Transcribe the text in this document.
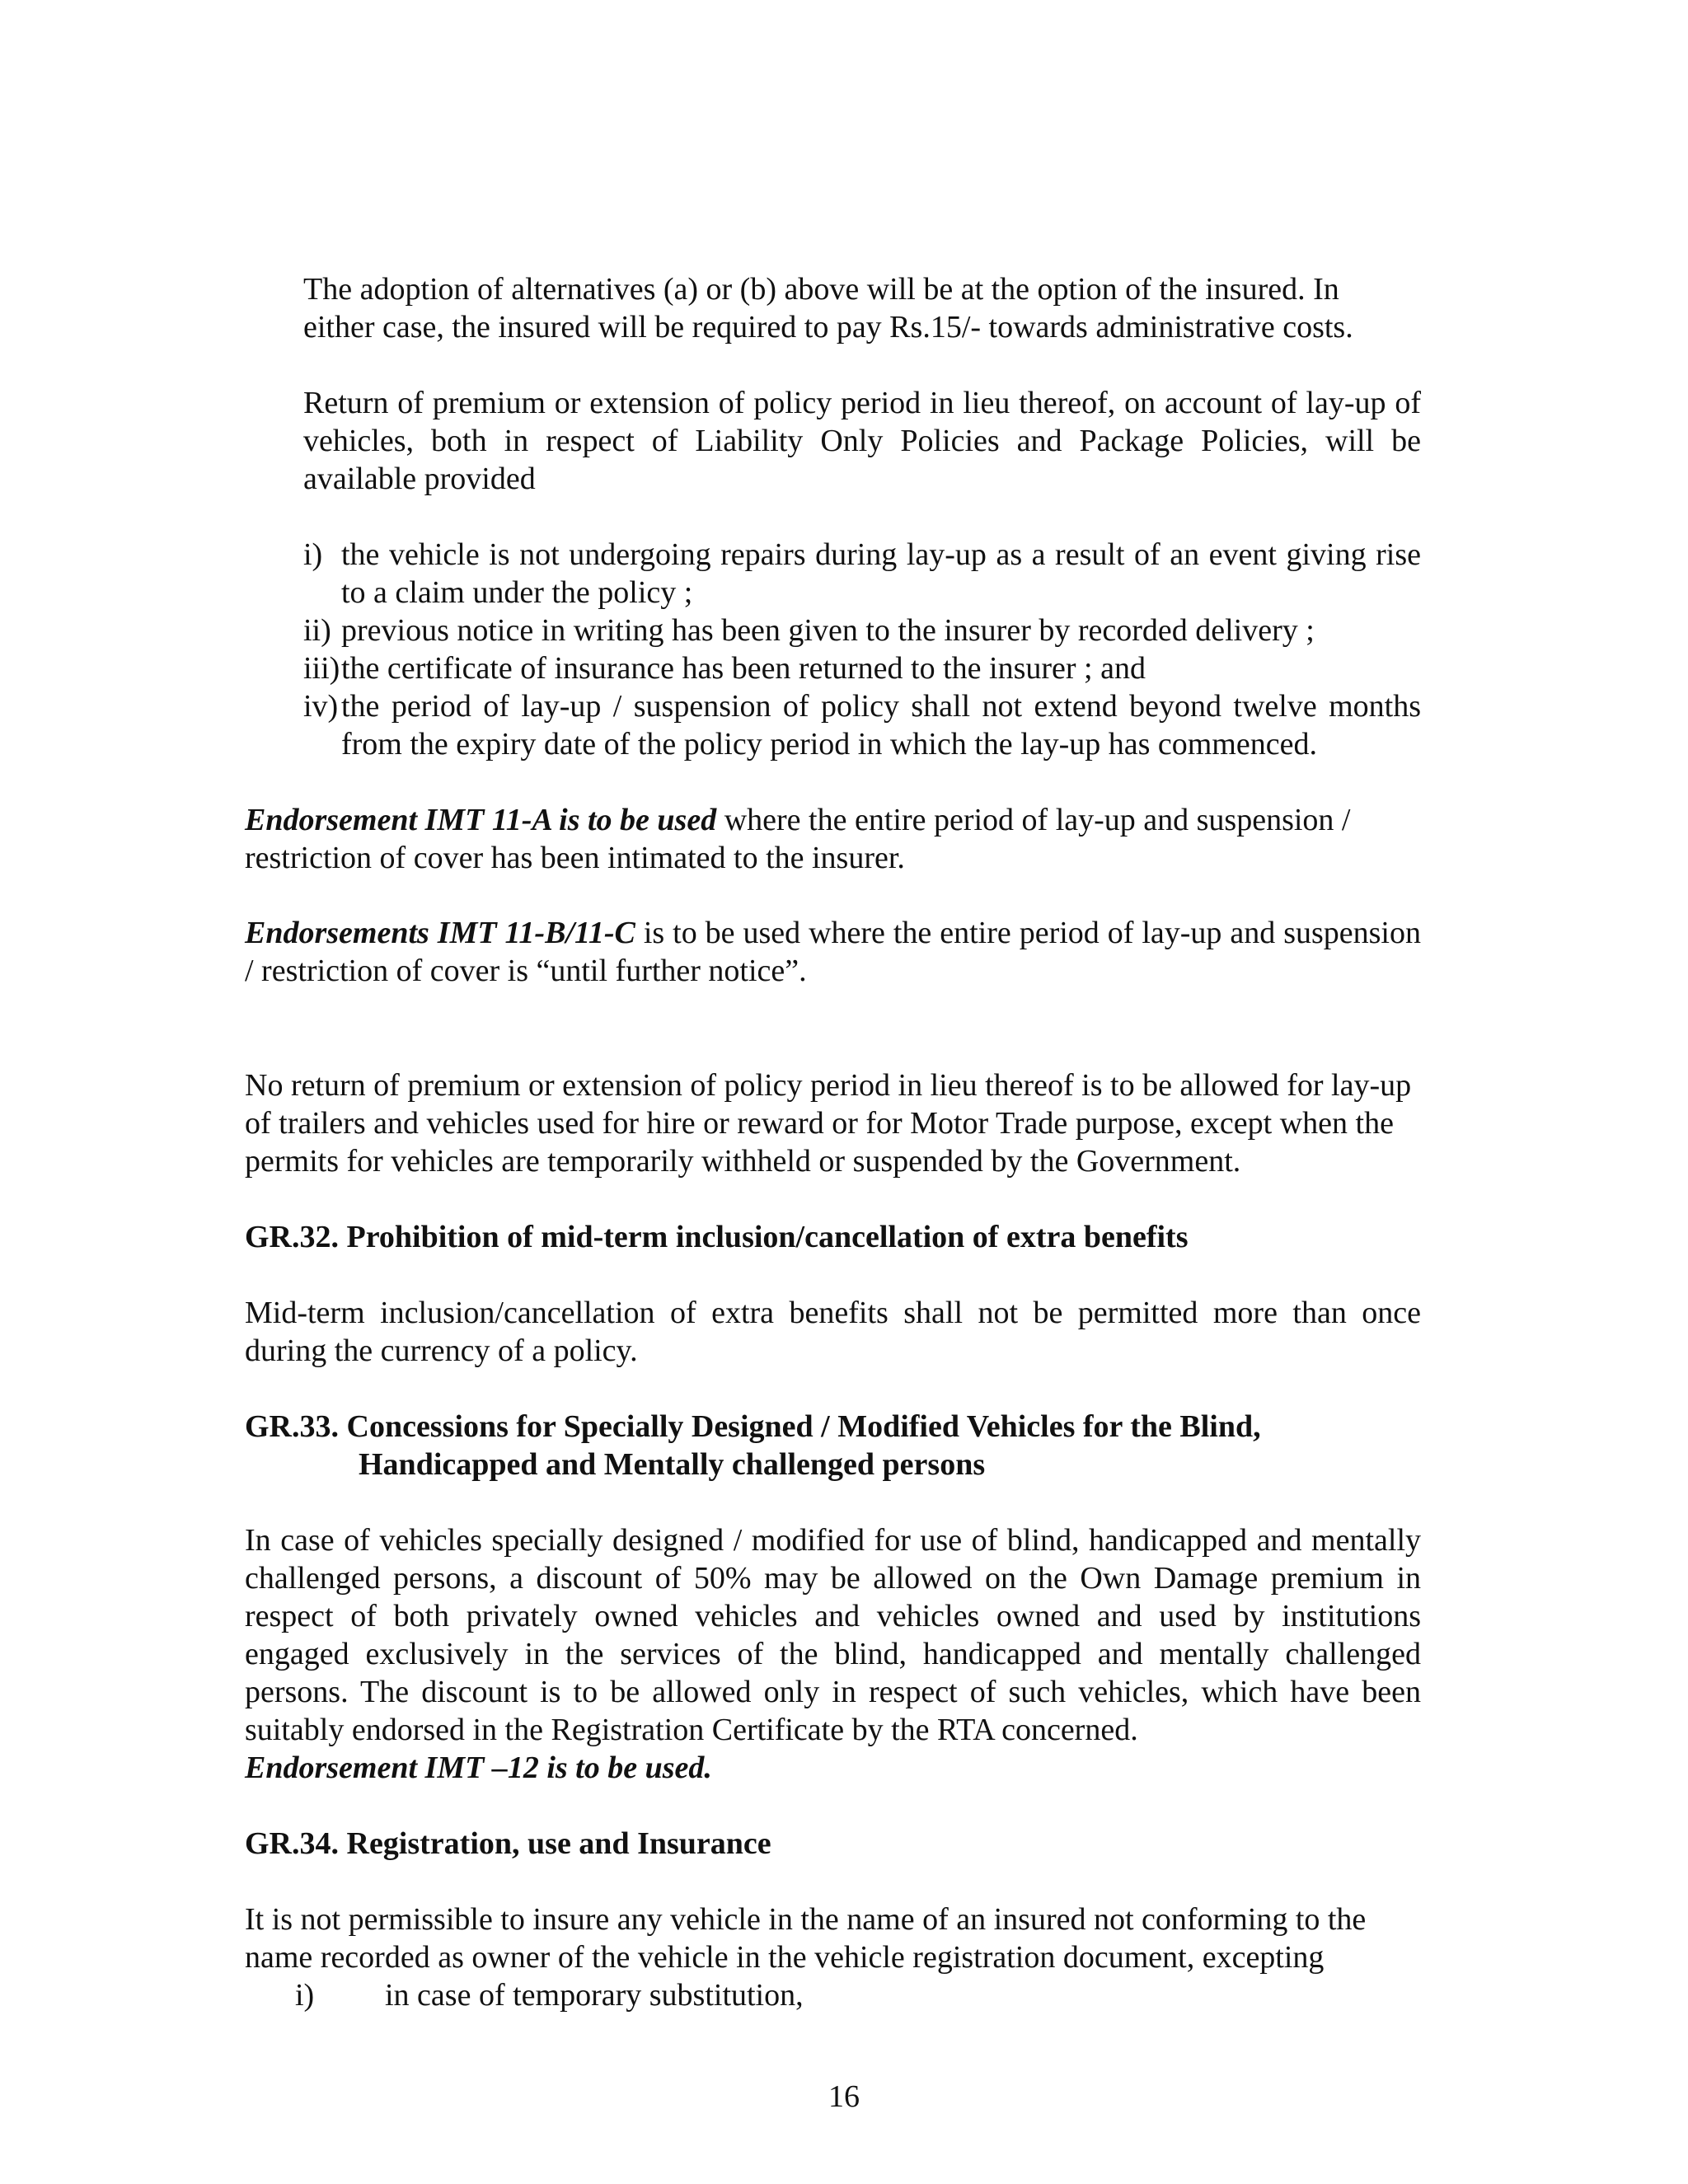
The adoption of alternatives (a) or (b) above will be at the option of the insured. In
either case, the insured will be required to pay Rs.15/- towards administrative costs.

Return of premium or extension of policy period in lieu thereof, on account of lay-up of vehicles, both in respect of Liability Only Policies and Package Policies, will be available provided

i) the vehicle is not undergoing repairs during lay-up as a result of an event giving rise to a claim under the policy ;
ii) previous notice in writing has been given to the insurer by recorded delivery ;
iii) the certificate of insurance has been returned to the insurer ; and
iv) the period of lay-up / suspension of policy shall not extend beyond twelve months from the expiry date of the policy period in which the lay-up has commenced.

Endorsement IMT 11-A is to be used where the entire period of lay-up and suspension / restriction of cover has been intimated to the insurer.

Endorsements IMT 11-B/11-C is to be used where the entire period of lay-up and suspension / restriction of cover is “until further notice”.

No return of premium or extension of policy period in lieu thereof is to be allowed for lay-up of trailers and vehicles used for hire or reward or for Motor Trade purpose, except when the permits for vehicles are temporarily withheld or suspended by the Government.

GR.32. Prohibition of mid-term inclusion/cancellation of extra benefits

Mid-term inclusion/cancellation of extra benefits shall not be permitted more than once during the currency of a policy.

GR.33. Concessions for Specially Designed / Modified Vehicles for the Blind,
Handicapped and Mentally challenged persons

In case of vehicles specially designed / modified for use of blind, handicapped and mentally challenged persons, a discount of 50% may be allowed on the Own Damage premium in respect of both privately owned vehicles and vehicles owned and used by institutions engaged exclusively in the services of the blind, handicapped and mentally challenged persons. The discount is to be allowed only in respect of such vehicles, which have been suitably endorsed in the Registration Certificate by the RTA concerned.

Endorsement IMT –12 is to be used.
GR.34. Registration, use and Insurance

It is not permissible to insure any vehicle in the name of an insured not conforming to the name recorded as owner of the vehicle in the vehicle registration document, excepting

i) in case of temporary substitution,
16
